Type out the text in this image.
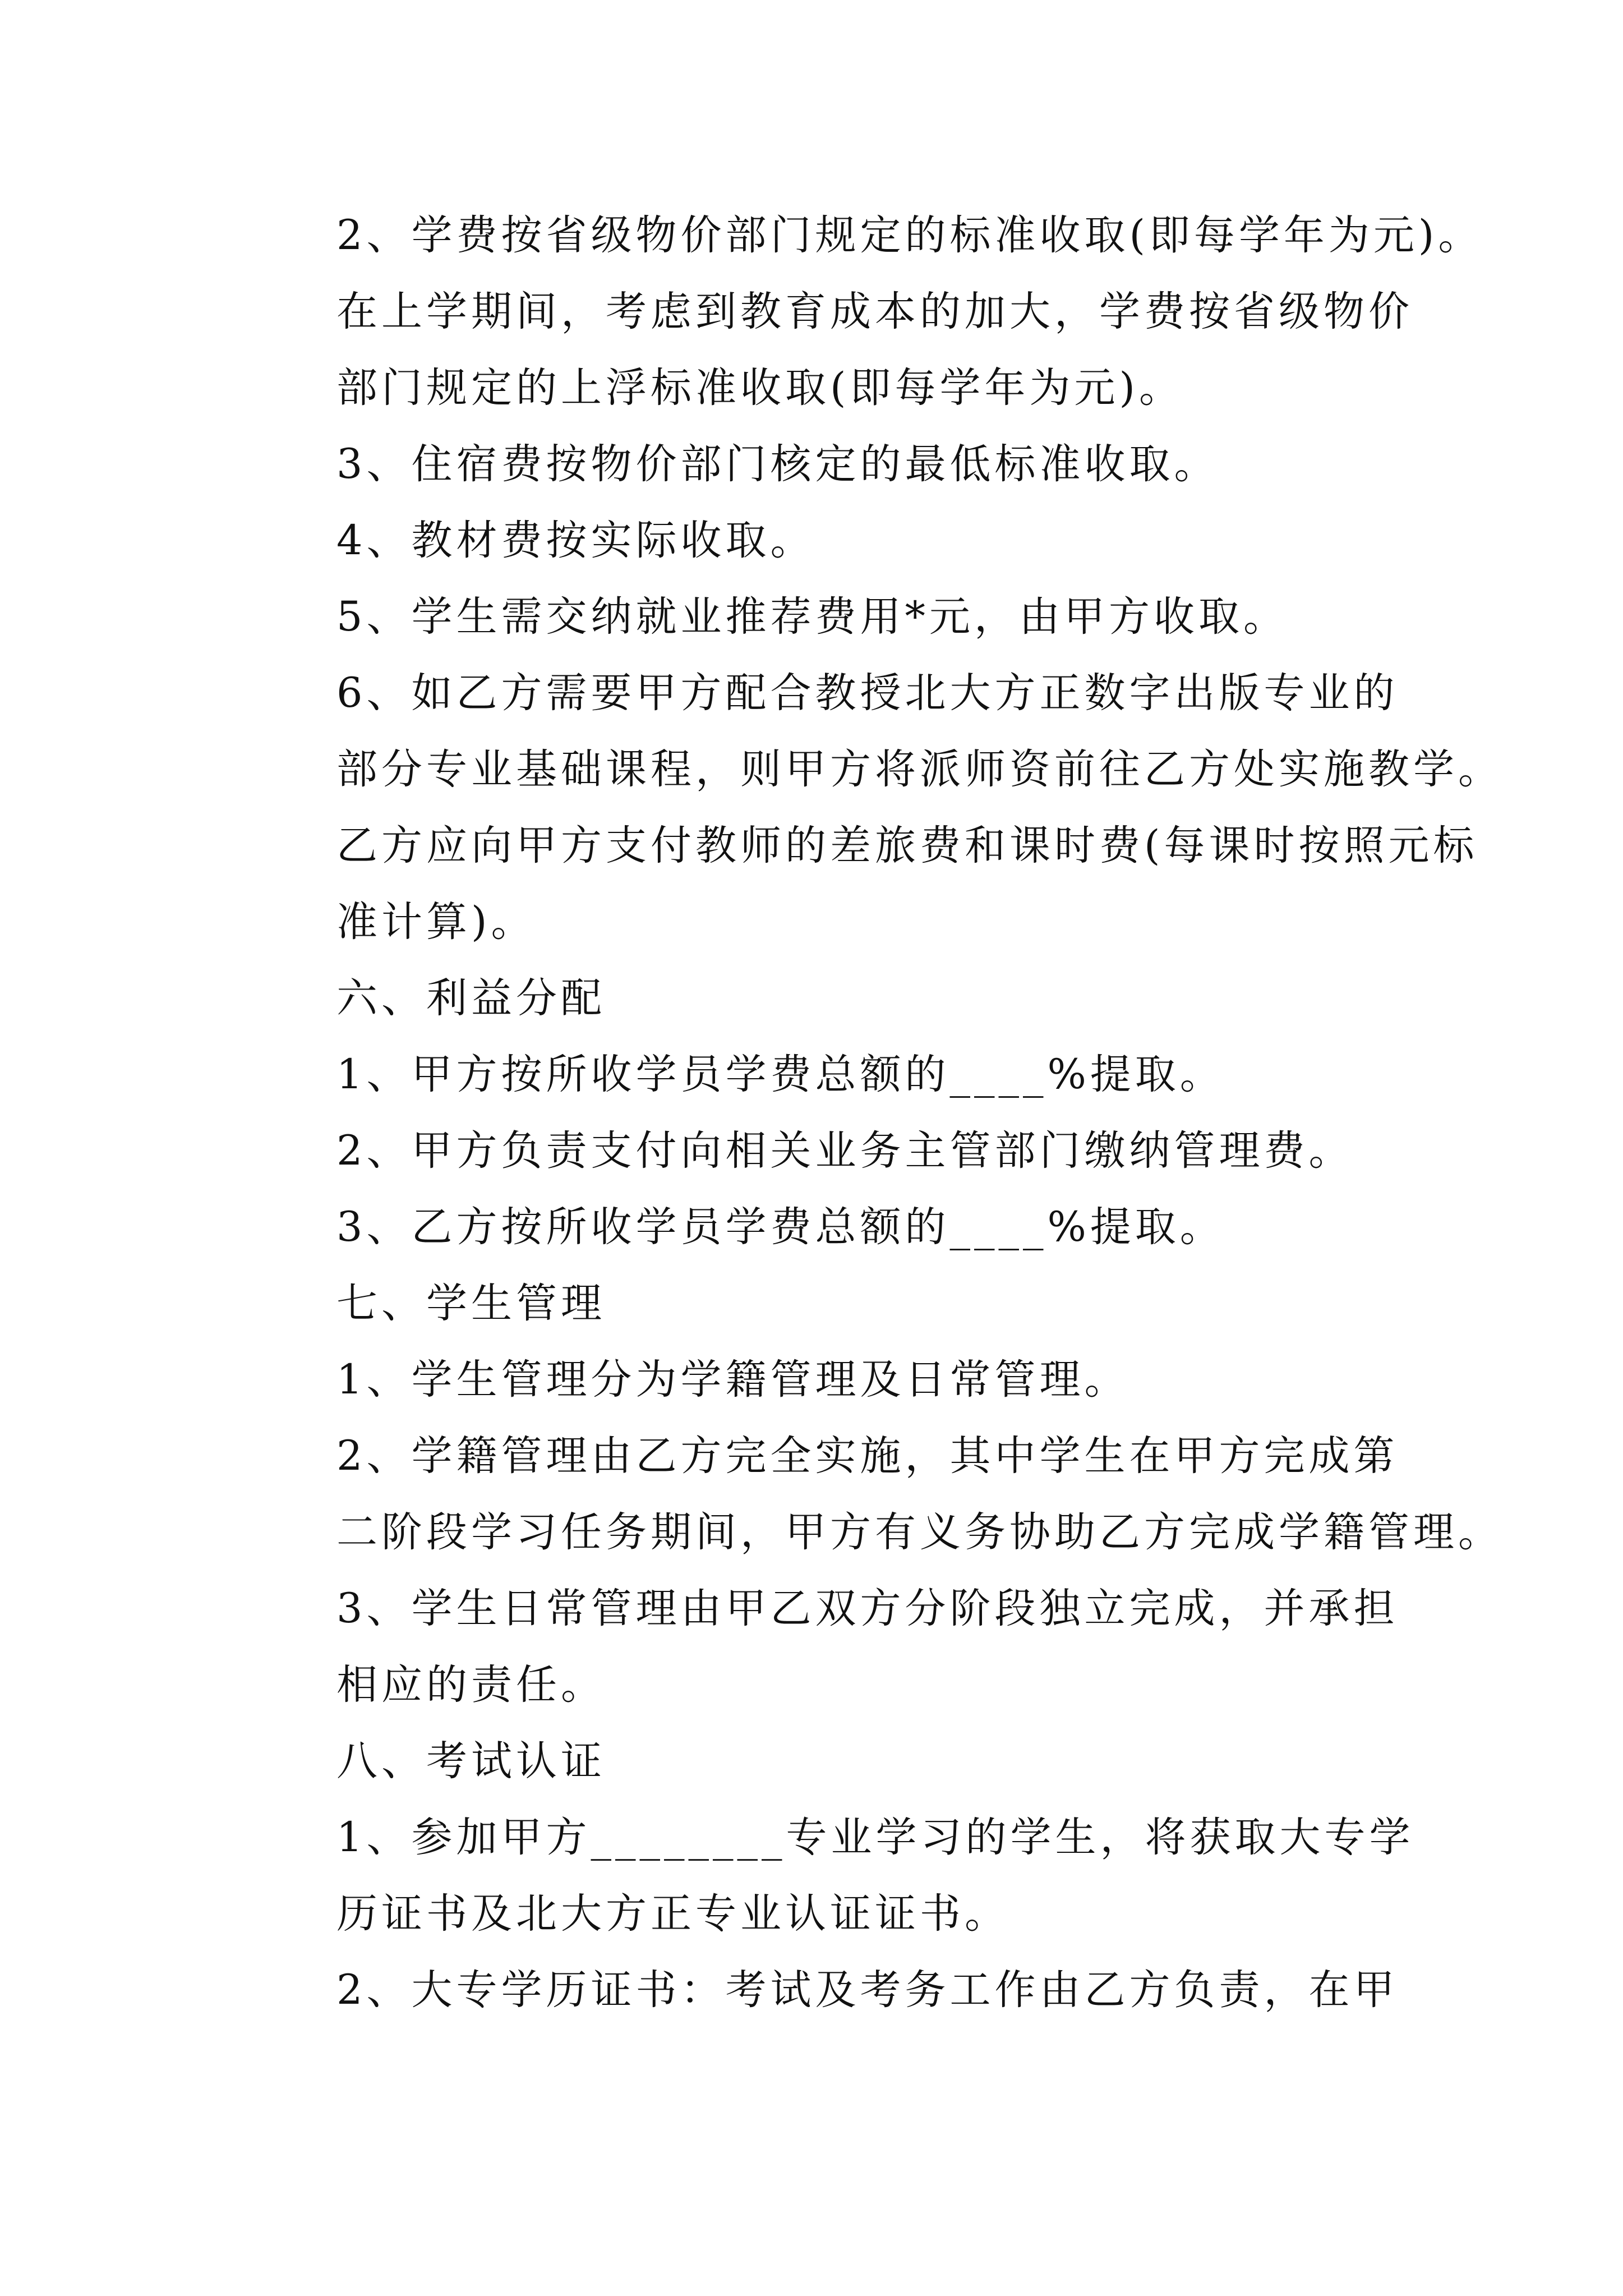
2、学费按省级物价部门规定的标准收取(即每学年为元)。

在上学期间，考虑到教育成本的加大，学费按省级物价
部门规定的上浮标准收取(即每学年为元)。

3、住宿费按物价部门核定的最低标准收取。

4、教材费按实际收取。

5、学生需交纳就业推荐费用*元，由甲方收取。

6、如乙方需要甲方配合教授北大方正数字出版专业的
部分专业基础课程，则甲方将派师资前往乙方处实施教学。
乙方应向甲方支付教师的差旅费和课时费(每课时按照元标
准计算)。

六、利益分配

1、甲方按所收学员学费总额的____%提取。

2、甲方负责支付向相关业务主管部门缴纳管理费。

3、乙方按所收学员学费总额的____%提取。

七、学生管理

1、学生管理分为学籍管理及日常管理。

2、学籍管理由乙方完全实施，其中学生在甲方完成第
二阶段学习任务期间，甲方有义务协助乙方完成学籍管理。

3、学生日常管理由甲乙双方分阶段独立完成，并承担
相应的责任。

八、考试认证

1、参加甲方________专业学习的学生，将获取大专学
历证书及北大方正专业认证证书。

2、大专学历证书：考试及考务工作由乙方负责，在甲
